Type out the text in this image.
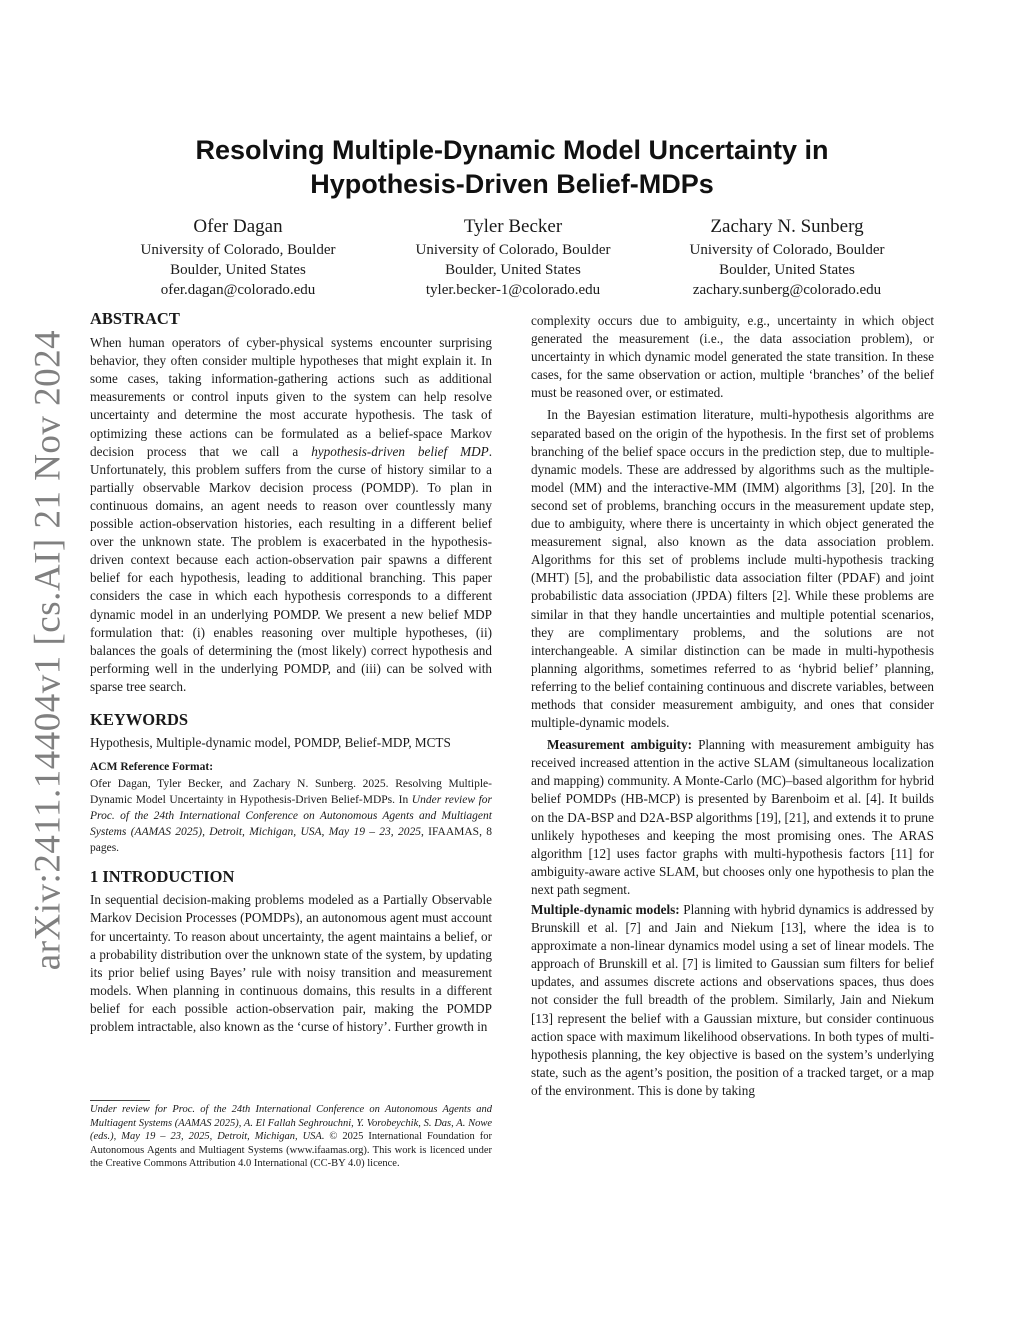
arXiv:2411.14404v1 [cs.AI] 21 Nov 2024
Resolving Multiple-Dynamic Model Uncertainty in
Hypothesis-Driven Belief-MDPs
Ofer Dagan
University of Colorado, Boulder
Boulder, United States
ofer.dagan@colorado.edu
Tyler Becker
University of Colorado, Boulder
Boulder, United States
tyler.becker-1@colorado.edu
Zachary N. Sunberg
University of Colorado, Boulder
Boulder, United States
zachary.sunberg@colorado.edu
ABSTRACT

When human operators of cyber-physical systems encounter surprising behavior, they often consider multiple hypotheses that might explain it. In some cases, taking information-gathering actions such as additional measurements or control inputs given to the system can help resolve uncertainty and determine the most accurate hypothesis. The task of optimizing these actions can be formulated as a belief-space Markov decision process that we call a hypothesis-driven belief MDP. Unfortunately, this problem suffers from the curse of history similar to a partially observable Markov decision process (POMDP). To plan in continuous domains, an agent needs to reason over countlessly many possible action-observation histories, each resulting in a different belief over the unknown state. The problem is exacerbated in the hypothesis-driven context because each action-observation pair spawns a different belief for each hypothesis, leading to additional branching. This paper considers the case in which each hypothesis corresponds to a different dynamic model in an underlying POMDP. We present a new belief MDP formulation that: (i) enables reasoning over multiple hypotheses, (ii) balances the goals of determining the (most likely) correct hypothesis and performing well in the underlying POMDP, and (iii) can be solved with sparse tree search.

KEYWORDS

Hypothesis, Multiple-dynamic model, POMDP, Belief-MDP, MCTS

ACM Reference Format:

Ofer Dagan, Tyler Becker, and Zachary N. Sunberg. 2025. Resolving Multiple-Dynamic Model Uncertainty in Hypothesis-Driven Belief-MDPs. In Under review for Proc. of the 24th International Conference on Autonomous Agents and Multiagent Systems (AAMAS 2025), Detroit, Michigan, USA, May 19 – 23, 2025, IFAAMAS, 8 pages.

1 INTRODUCTION

In sequential decision-making problems modeled as a Partially Observable Markov Decision Processes (POMDPs), an autonomous agent must account for uncertainty. To reason about uncertainty, the agent maintains a belief, or a probability distribution over the unknown state of the system, by updating its prior belief using Bayes’ rule with noisy transition and measurement models. When planning in continuous domains, this results in a different belief for each possible action-observation pair, making the POMDP problem intractable, also known as the ‘curse of history’. Further growth in

Under review for Proc. of the 24th International Conference on Autonomous Agents and Multiagent Systems (AAMAS 2025), A. El Fallah Seghrouchni, Y. Vorobeychik, S. Das, A. Nowe (eds.), May 19 – 23, 2025, Detroit, Michigan, USA. © 2025 International Foundation for Autonomous Agents and Multiagent Systems (www.ifaamas.org). This work is licenced under the Creative Commons Attribution 4.0 International (CC-BY 4.0) licence.

complexity occurs due to ambiguity, e.g., uncertainty in which object generated the measurement (i.e., the data association problem), or uncertainty in which dynamic model generated the state transition. In these cases, for the same observation or action, multiple ‘branches’ of the belief must be reasoned over, or estimated.

In the Bayesian estimation literature, multi-hypothesis algorithms are separated based on the origin of the hypothesis. In the first set of problems branching of the belief space occurs in the prediction step, due to multiple-dynamic models. These are addressed by algorithms such as the multiple-model (MM) and the interactive-MM (IMM) algorithms [3], [20]. In the second set of problems, branching occurs in the measurement update step, due to ambiguity, where there is uncertainty in which object generated the measurement signal, also known as the data association problem. Algorithms for this set of problems include multi-hypothesis tracking (MHT) [5], and the probabilistic data association filter (PDAF) and joint probabilistic data association (JPDA) filters [2]. While these problems are similar in that they handle uncertainties and multiple potential scenarios, they are complimentary problems, and the solutions are not interchangeable. A similar distinction can be made in multi-hypothesis planning algorithms, sometimes referred to as ‘hybrid belief’ planning, referring to the belief containing continuous and discrete variables, between methods that consider measurement ambiguity, and ones that consider multiple-dynamic models.

Measurement ambiguity: Planning with measurement ambiguity has received increased attention in the active SLAM (simultaneous localization and mapping) community. A Monte-Carlo (MC)–based algorithm for hybrid belief POMDPs (HB-MCP) is presented by Barenboim et al. [4]. It builds on the DA-BSP and D2A-BSP algorithms [19], [21], and extends it to prune unlikely hypotheses and keeping the most promising ones. The ARAS algorithm [12] uses factor graphs with multi-hypothesis factors [11] for ambiguity-aware active SLAM, but chooses only one hypothesis to plan the next path segment.

Multiple-dynamic models: Planning with hybrid dynamics is addressed by Brunskill et al. [7] and Jain and Niekum [13], where the idea is to approximate a non-linear dynamics model using a set of linear models. The approach of Brunskill et al. [7] is limited to Gaussian sum filters for belief updates, and assumes discrete actions and observations spaces, thus does not consider the full breadth of the problem. Similarly, Jain and Niekum [13] represent the belief with a Gaussian mixture, but consider continuous action space with maximum likelihood observations. In both types of multi-hypothesis planning, the key objective is based on the system’s underlying state, such as the agent’s position, the position of a tracked target, or a map of the environment. This is done by taking
